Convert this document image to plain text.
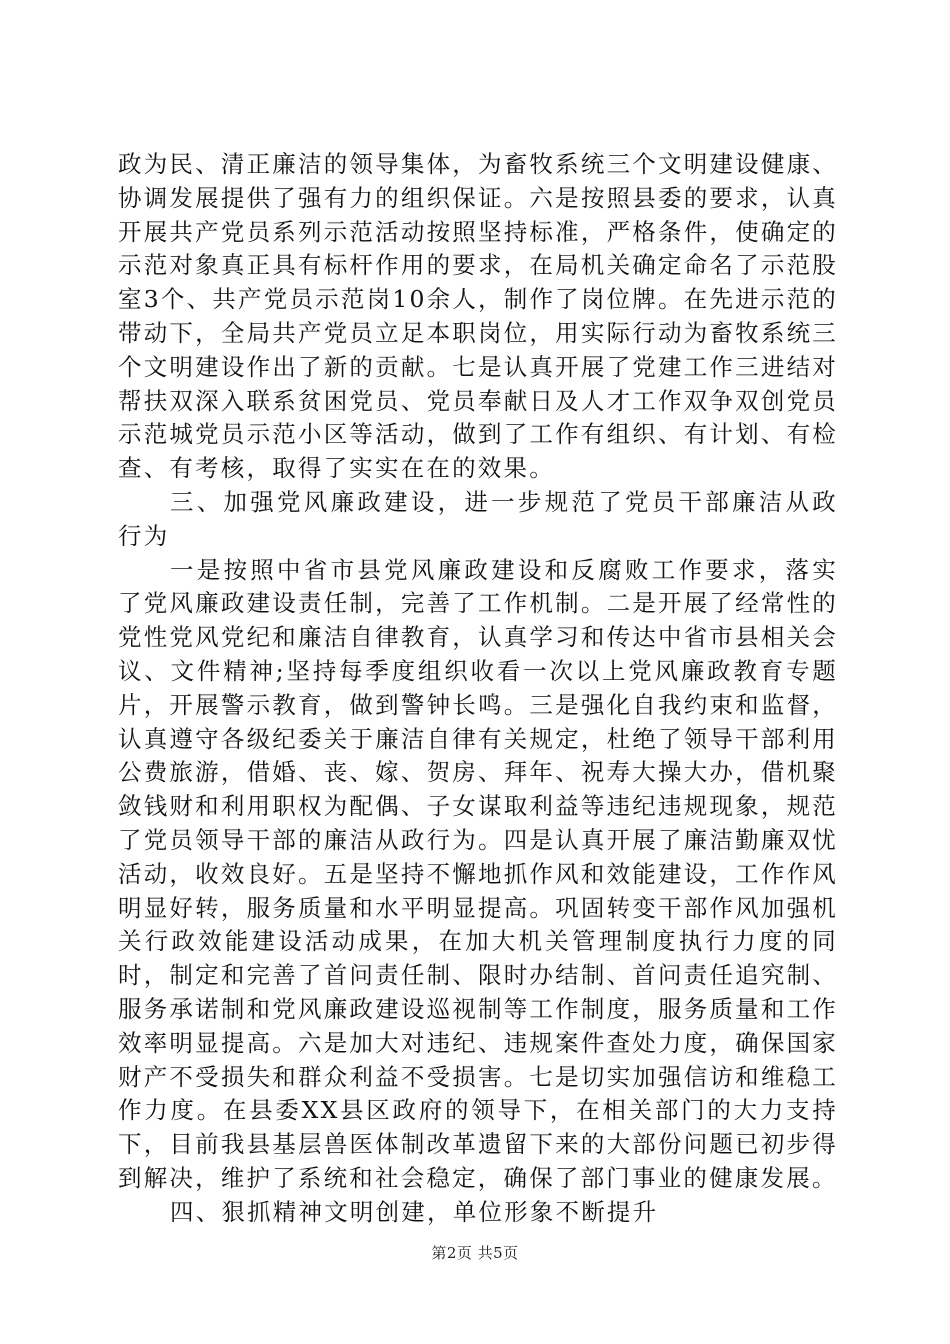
政为民、清正廉洁的领导集体，为畜牧系统三个文明建设健康、协调发展提供了强有力的组织保证。六是按照县委的要求，认真开展共产党员系列示范活动按照坚持标准，严格条件，使确定的示范对象真正具有标杆作用的要求，在局机关确定命名了示范股室3个、共产党员示范岗10余人，制作了岗位牌。在先进示范的带动下，全局共产党员立足本职岗位，用实际行动为畜牧系统三个文明建设作出了新的贡献。七是认真开展了党建工作三进结对帮扶双深入联系贫困党员、党员奉献日及人才工作双争双创党员示范城党员示范小区等活动，做到了工作有组织、有计划、有检查、有考核，取得了实实在在的效果。

三、加强党风廉政建设，进一步规范了党员干部廉洁从政行为

一是按照中省市县党风廉政建设和反腐败工作要求，落实了党风廉政建设责任制，完善了工作机制。二是开展了经常性的党性党风党纪和廉洁自律教育，认真学习和传达中省市县相关会议、文件精神;坚持每季度组织收看一次以上党风廉政教育专题片，开展警示教育，做到警钟长鸣。三是强化自我约束和监督，认真遵守各级纪委关于廉洁自律有关规定，杜绝了领导干部利用公费旅游，借婚、丧、嫁、贺房、拜年、祝寿大操大办，借机聚敛钱财和利用职权为配偶、子女谋取利益等违纪违规现象，规范了党员领导干部的廉洁从政行为。四是认真开展了廉洁勤廉双忧活动，收效良好。五是坚持不懈地抓作风和效能建设，工作作风明显好转，服务质量和水平明显提高。巩固转变干部作风加强机关行政效能建设活动成果，在加大机关管理制度执行力度的同时，制定和完善了首问责任制、限时办结制、首问责任追究制、服务承诺制和党风廉政建设巡视制等工作制度，服务质量和工作效率明显提高。六是加大对违纪、违规案件查处力度，确保国家财产不受损失和群众利益不受损害。七是切实加强信访和维稳工作力度。在县委XX县区政府的领导下，在相关部门的大力支持下，目前我县基层兽医体制改革遗留下来的大部份问题已初步得到解决，维护了系统和社会稳定，确保了部门事业的健康发展。

四、狠抓精神文明创建，单位形象不断提升

第2页 共5页
